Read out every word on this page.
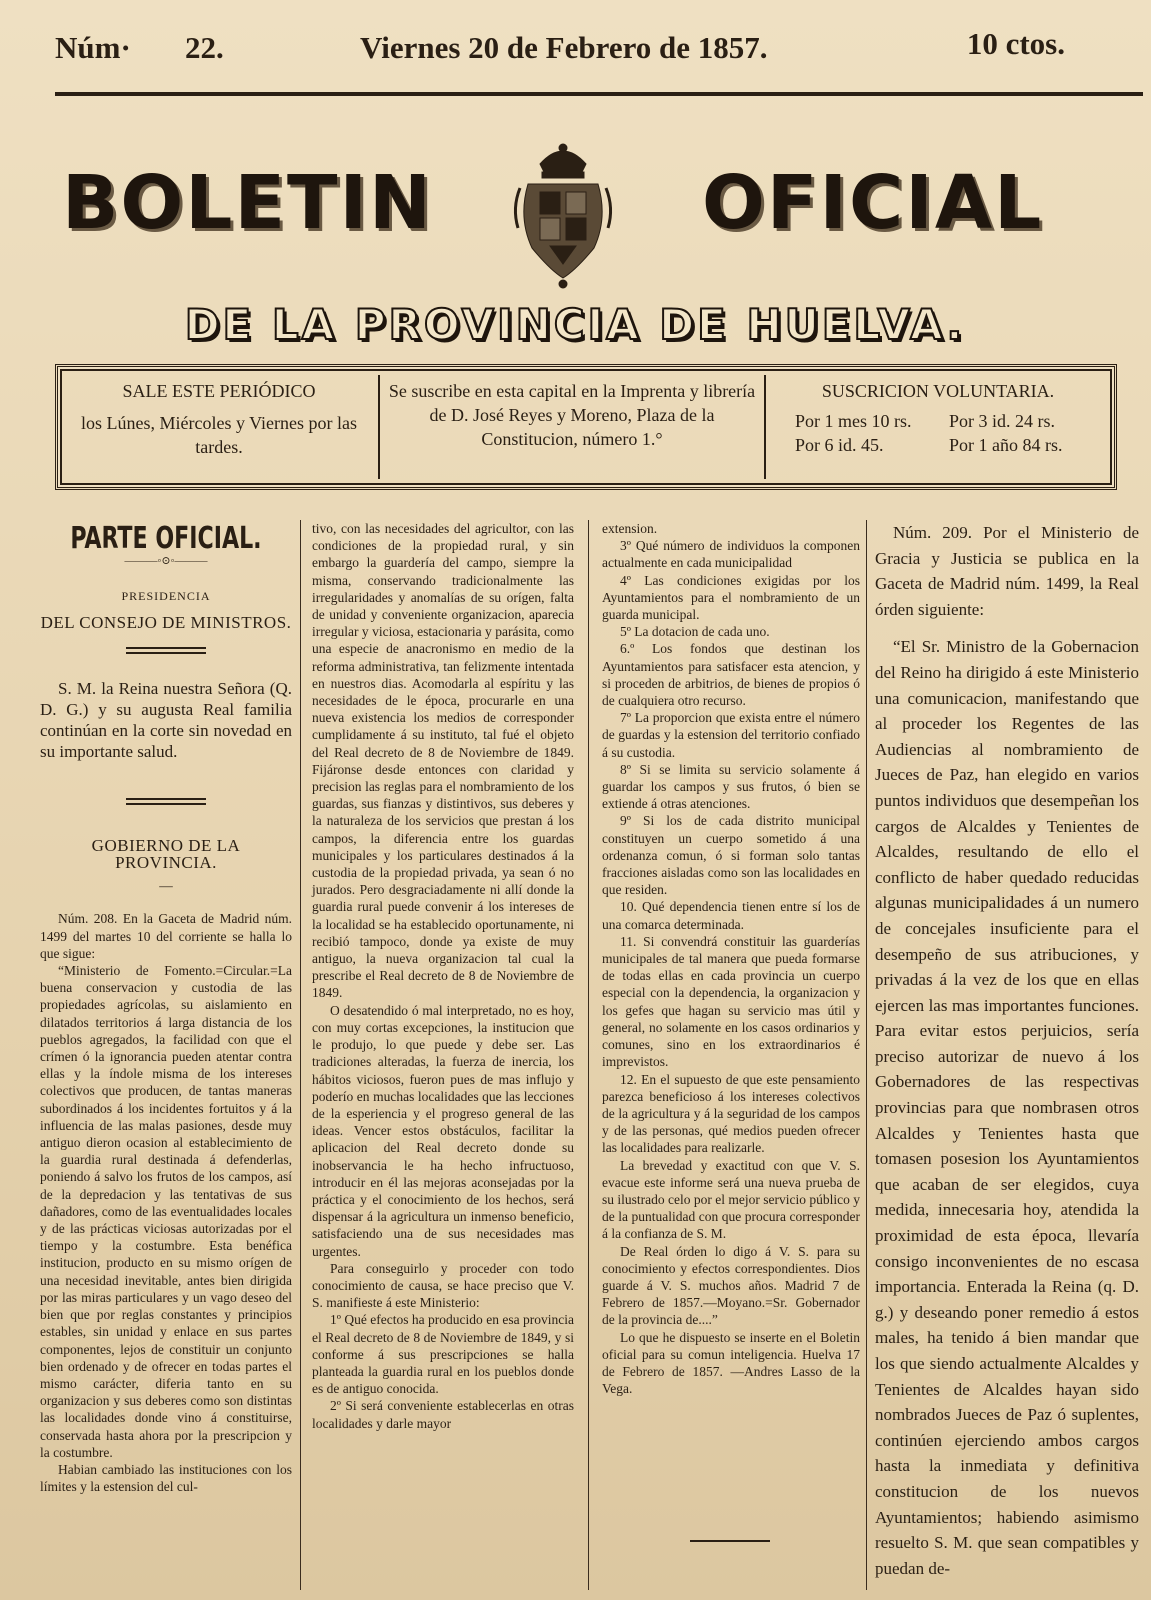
Núm· 22.	Viernes 20 de Febrero de 1857.	10 ctos.
BOLETIN	OFICIAL
DE LA PROVINCIA DE HUELVA.
SALE ESTE PERIÓDICO
los Lúnes, Miércoles y Viernes por las tardes.
Se suscribe en esta capital en la Imprenta y librería de D. José Reyes y Moreno, Plaza de la Constitucion, número 1.°
SUSCRICION VOLUNTARIA.
Por 1 mes 10 rs.	Por 3 id. 24 rs.
Por 6 id. 45.	Por 1 año 84 rs.
PARTE OFICIAL.
———◦⊙◦———

PRESIDENCIA

DEL CONSEJO DE MINISTROS.

S. M. la Reina nuestra Señora (Q. D. G.) y su augusta Real familia continúan en la corte sin novedad en su importante salud.

GOBIERNO DE LA PROVINCIA.

—

Núm. 208. En la Gaceta de Madrid núm. 1499 del martes 10 del corriente se halla lo que sigue:

“Ministerio de Fomento.=Circular.=La buena conservacion y custodia de las propiedades agrícolas, su aislamiento en dilatados territorios á larga distancia de los pueblos agregados, la facilidad con que el crímen ó la ignorancia pueden atentar contra ellas y la índole misma de los intereses colectivos que producen, de tantas maneras subordinados á los incidentes fortuitos y á la influencia de las malas pasiones, desde muy antiguo dieron ocasion al establecimiento de la guardia rural destinada á defenderlas, poniendo á salvo los frutos de los campos, así de la depredacion y las tentativas de sus dañadores, como de las eventualidades locales y de las prácticas viciosas autorizadas por el tiempo y la costumbre. Esta benéfica institucion, producto en su mismo orígen de una necesidad inevitable, antes bien dirigida por las miras particulares y un vago deseo del bien que por reglas constantes y principios estables, sin unidad y enlace en sus partes componentes, lejos de constituir un conjunto bien ordenado y de ofrecer en todas partes el mismo carácter, diferia tanto en su organizacion y sus deberes como son distintas las localidades donde vino á constituirse, conservada hasta ahora por la prescripcion y la costumbre.

Habian cambiado las instituciones con los límites y la estension del cul-

tivo, con las necesidades del agricultor, con las condiciones de la propiedad rural, y sin embargo la guardería del campo, siempre la misma, conservando tradicionalmente las irregularidades y anomalías de su orígen, falta de unidad y conveniente organizacion, aparecia irregular y viciosa, estacionaria y parásita, como una especie de anacronismo en medio de la reforma administrativa, tan felizmente intentada en nuestros dias. Acomodarla al espíritu y las necesidades de le época, procurarle en una nueva existencia los medios de corresponder cumplidamente á su instituto, tal fué el objeto del Real decreto de 8 de Noviembre de 1849. Fijáronse desde entonces con claridad y precision las reglas para el nombramiento de los guardas, sus fianzas y distintivos, sus deberes y la naturaleza de los servicios que prestan á los campos, la diferencia entre los guardas municipales y los particulares destinados á la custodia de la propiedad privada, ya sean ó no jurados. Pero desgraciadamente ni allí donde la guardia rural puede convenir á los intereses de la localidad se ha establecido oportunamente, ni recibió tampoco, donde ya existe de muy antiguo, la nueva organizacion tal cual la prescribe el Real decreto de 8 de Noviembre de 1849.

O desatendido ó mal interpretado, no es hoy, con muy cortas excepciones, la institucion que le produjo, lo que puede y debe ser. Las tradiciones alteradas, la fuerza de inercia, los hábitos viciosos, fueron pues de mas influjo y poderío en muchas localidades que las lecciones de la esperiencia y el progreso general de las ideas. Vencer estos obstáculos, facilitar la aplicacion del Real decreto donde su inobservancia le ha hecho infructuoso, introducir en él las mejoras aconsejadas por la práctica y el conocimiento de los hechos, será dispensar á la agricultura un inmenso beneficio, satisfaciendo una de sus necesidades mas urgentes.

Para conseguirlo y proceder con todo conocimiento de causa, se hace preciso que V. S. manifieste á este Ministerio:

1º Qué efectos ha producido en esa provincia el Real decreto de 8 de Noviembre de 1849, y si conforme á sus prescripciones se halla planteada la guardia rural en los pueblos donde es de antiguo conocida.

2º Si será conveniente establecerlas en otras localidades y darle mayor

extension.

3º Qué número de individuos la componen actualmente en cada municipalidad

4º Las condiciones exigidas por los Ayuntamientos para el nombramiento de un guarda municipal.

5º La dotacion de cada uno.

6.º Los fondos que destinan los Ayuntamientos para satisfacer esta atencion, y si proceden de arbitrios, de bienes de propios ó de cualquiera otro recurso.

7º La proporcion que exista entre el número de guardas y la estension del territorio confiado á su custodia.

8º Si se limita su servicio solamente á guardar los campos y sus frutos, ó bien se extiende á otras atenciones.

9º Si los de cada distrito municipal constituyen un cuerpo sometido á una ordenanza comun, ó si forman solo tantas fracciones aisladas como son las localidades en que residen.

10. Qué dependencia tienen entre sí los de una comarca determinada.

11. Si convendrá constituir las guarderías municipales de tal manera que pueda formarse de todas ellas en cada provincia un cuerpo especial con la dependencia, la organizacion y los gefes que hagan su servicio mas útil y general, no solamente en los casos ordinarios y comunes, sino en los extraordinarios é imprevistos.

12. En el supuesto de que este pensamiento parezca beneficioso á los intereses colectivos de la agricultura y á la seguridad de los campos y de las personas, qué medios pueden ofrecer las localidades para realizarle.

La brevedad y exactitud con que V. S. evacue este informe será una nueva prueba de su ilustrado celo por el mejor servicio público y de la puntualidad con que procura corresponder á la confianza de S. M.

De Real órden lo digo á V. S. para su conocimiento y efectos correspondientes. Dios guarde á V. S. muchos años. Madrid 7 de Febrero de 1857.—Moyano.=Sr. Gobernador de la provincia de....”

Lo que he dispuesto se inserte en el Boletin oficial para su comun inteligencia. Huelva 17 de Febrero de 1857. —Andres Lasso de la Vega.

Núm. 209. Por el Ministerio de Gracia y Justicia se publica en la Gaceta de Madrid núm. 1499, la Real órden siguiente:

“El Sr. Ministro de la Gobernacion del Reino ha dirigido á este Ministerio una comunicacion, manifestando que al proceder los Regentes de las Audiencias al nombramiento de Jueces de Paz, han elegido en varios puntos individuos que desempeñan los cargos de Alcaldes y Tenientes de Alcaldes, resultando de ello el conflicto de haber quedado reducidas algunas municipalidades á un numero de concejales insuficiente para el desempeño de sus atribuciones, y privadas á la vez de los que en ellas ejercen las mas importantes funciones. Para evitar estos perjuicios, sería preciso autorizar de nuevo á los Gobernadores de las respectivas provincias para que nombrasen otros Alcaldes y Tenientes hasta que tomasen posesion los Ayuntamientos que acaban de ser elegidos, cuya medida, innecesaria hoy, atendida la proximidad de esta época, llevaría consigo inconvenientes de no escasa importancia. Enterada la Reina (q. D. g.) y deseando poner remedio á estos males, ha tenido á bien mandar que los que siendo actualmente Alcaldes y Tenientes de Alcaldes hayan sido nombrados Jueces de Paz ó suplentes, continúen ejerciendo ambos cargos hasta la inmediata y definitiva constitucion de los nuevos Ayuntamientos; habiendo asimismo resuelto S. M. que sean compatibles y puedan de-
